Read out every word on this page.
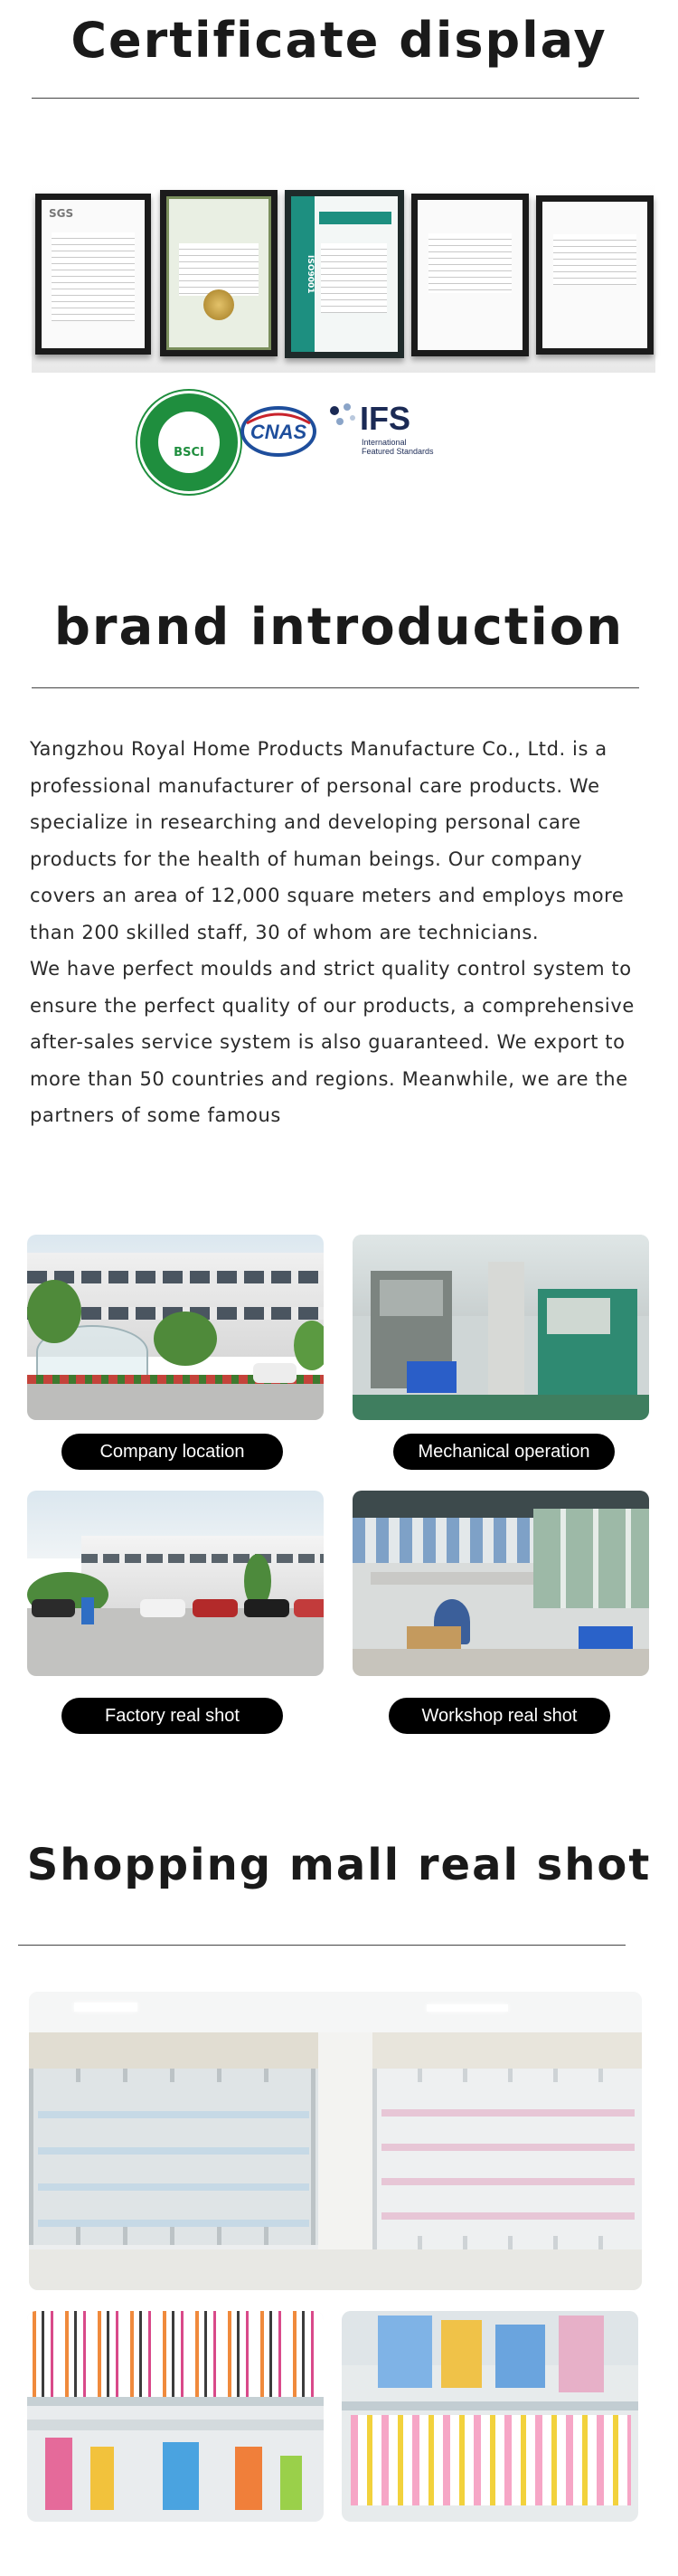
Certificate display
SGS
ISO9001
BSCI
CNAS IFS
International
Featured Standards
brand introduction

Yangzhou Royal Home Products Manufacture Co., Ltd. is a professional manufacturer of personal care products. We specialize in researching and developing personal care products for the health of human beings. Our company covers an area of 12,000 square meters and employs more than 200 skilled staff, 30 of whom are technicians.

We have perfect moulds and strict quality control system to ensure the perfect quality of our products, a comprehensive after-sales service system is also guaranteed. We export to more than 50 countries and regions. Meanwhile, we are the partners of some famous

Company location	Mechanical operation
Factory real shot	Workshop real shot
Shopping mall real shot
